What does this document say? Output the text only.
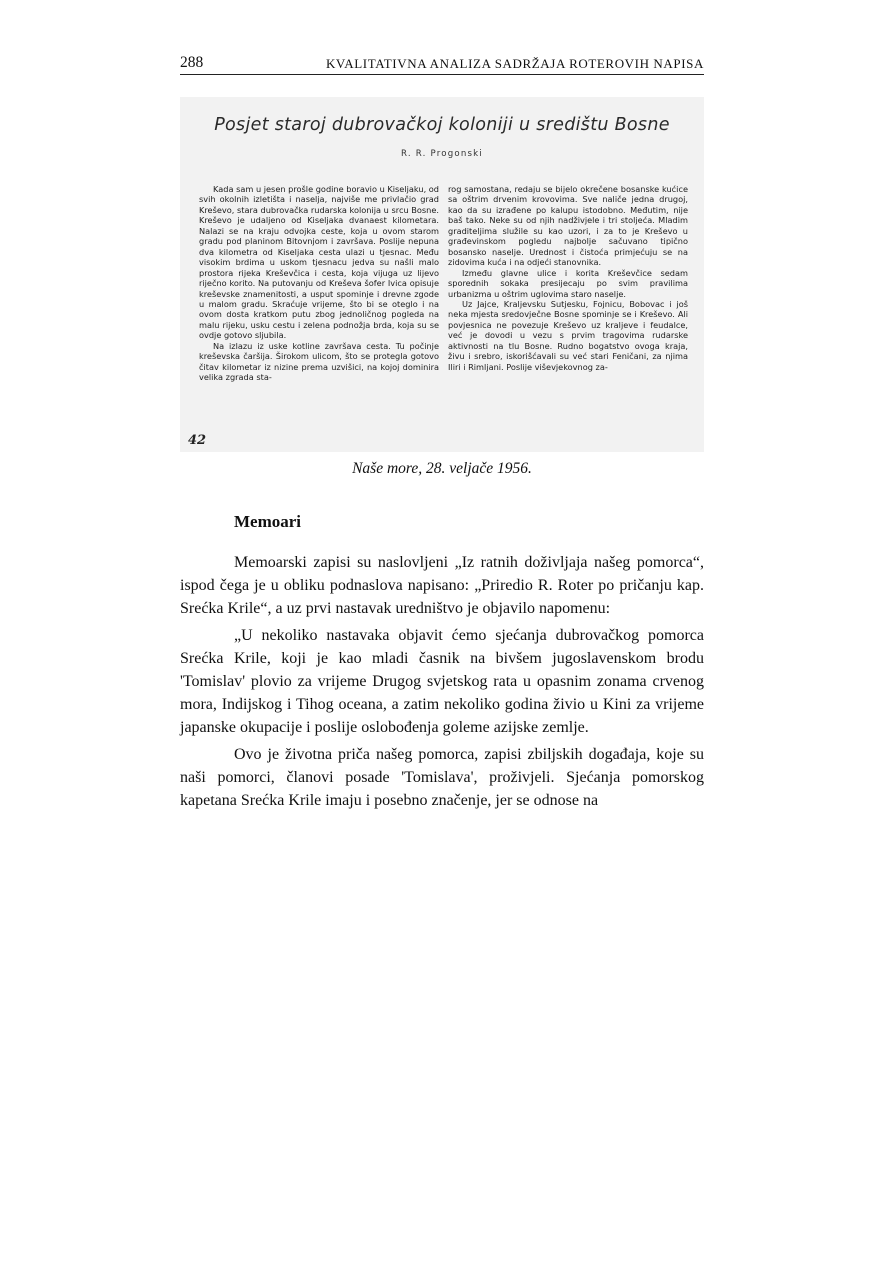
288	KVALITATIVNA ANALIZA SADRŽAJA ROTEROVIH NAPISA
Posjet staroj dubrovačkoj koloniji u središtu Bosne
R. R. Progonski

Kada sam u jesen prošle godine boravio u Kiseljaku, od svih okolnih izletišta i naselja, najviše me privlačio grad Kreševo, stara dubrovačka rudarska kolonija u srcu Bosne. Kreševo je udaljeno od Kiseljaka dvanaest kilometara. Nalazi se na kraju odvojka ceste, koja u ovom starom gradu pod planinom Bitovnjom i završava. Poslije nepuna dva kilometra od Kiseljaka cesta ulazi u tjesnac. Među visokim brdima u uskom tjesnacu jedva su našli malo prostora rijeka Kreševčica i cesta, koja vijuga uz lijevo riječno korito. Na putovanju od Kreševa šofer Ivica opisuje kreševske znamenitosti, a usput spominje i drevne zgode u malom gradu. Skraćuje vrijeme, što bi se oteglo i na ovom dosta kratkom putu zbog jednoličnog pogleda na malu rijeku, usku cestu i zelena podnožja brda, koja su se ovdje gotovo sljubila.

Na izlazu iz uske kotline završava cesta. Tu počinje kreševska čaršija. Širokom ulicom, što se protegla gotovo čitav kilometar iz nizine prema uzvišici, na kojoj dominira velika zgrada sta-

rog samostana, redaju se bijelo okrečene bosanske kućice sa oštrim drvenim krovovima. Sve naliče jedna drugoj, kao da su izrađene po kalupu istodobno. Međutim, nije baš tako. Neke su od njih nadživjele i tri stoljeća. Mladim graditeljima služile su kao uzori, i za to je Kreševo u građevinskom pogledu najbolje sačuvano tipično bosansko naselje. Urednost i čistoća primjećuju se na zidovima kuća i na odjeći stanovnika.

Između glavne ulice i korita Kreševčice sedam sporednih sokaka presijecaju po svim pravilima urbanizma u oštrim uglovima staro naselje.

Uz Jajce, Kraljevsku Sutjesku, Fojnicu, Bobovac i još neka mjesta sredovječne Bosne spominje se i Kreševo. Ali povjesnica ne povezuje Kreševo uz kraljeve i feudalce, već je dovodi u vezu s prvim tragovima rudarske aktivnosti na tlu Bosne. Rudno bogatstvo ovoga kraja, živu i srebro, iskorišćavali su već stari Feničani, za njima Iliri i Rimljani. Poslije viševjekovnog za-

42
Naše more, 28. veljače 1956.
Memoari

Memoarski zapisi su naslovljeni „Iz ratnih doživljaja našeg pomorca“, ispod čega je u obliku podnaslova napisano: „Priredio R. Roter po pričanju kap. Srećka Krile“, a uz prvi nastavak uredništvo je objavilo napomenu:

„U nekoliko nastavaka objavit ćemo sjećanja dubrovačkog pomorca Srećka Krile, koji je kao mladi časnik na bivšem jugoslavenskom brodu 'Tomislav' plovio za vrijeme Drugog svjetskog rata u opasnim zonama crvenog mora, Indijskog i Tihog oceana, a zatim nekoliko godina živio u Kini za vrijeme japanske okupacije i poslije oslobođenja goleme azijske zemlje.

Ovo je životna priča našeg pomorca, zapisi zbiljskih događaja, koje su naši pomorci, članovi posade 'Tomislava', proživjeli. Sjećanja pomorskog kapetana Srećka Krile imaju i posebno značenje, jer se odnose na
